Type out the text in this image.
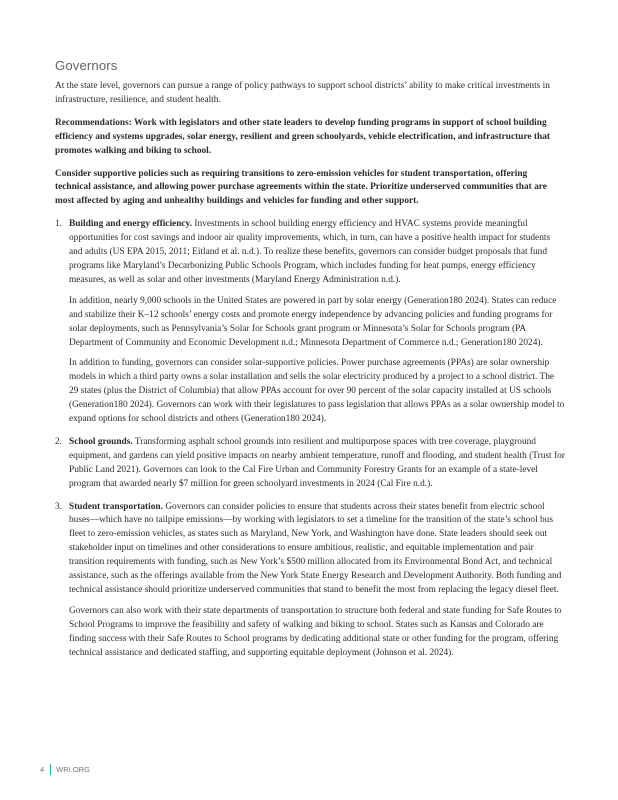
Governors

At the state level, governors can pursue a range of policy pathways to support school districts’ ability to make critical investments in infrastructure, resilience, and student health.

Recommendations: Work with legislators and other state leaders to develop funding programs in support of school building efficiency and systems upgrades, solar energy, resilient and green schoolyards, vehicle electrification, and infrastructure that promotes walking and biking to school.

Consider supportive policies such as requiring transitions to zero-emission vehicles for student transportation, offering technical assistance, and allowing power purchase agreements within the state. Prioritize underserved communities that are most affected by aging and unhealthy buildings and vehicles for funding and other support.

1. Building and energy efficiency. Investments in school building energy efficiency and HVAC systems provide meaningful opportunities for cost savings and indoor air quality improvements, which, in turn, can have a positive health impact for students and adults (US EPA 2015, 2011; Eitland et al. n.d.). To realize these benefits, governors can consider budget proposals that fund programs like Maryland’s Decarbonizing Public Schools Program, which includes funding for heat pumps, energy efficiency measures, as well as solar and other investments (Maryland Energy Administration n.d.).

In addition, nearly 9,000 schools in the United States are powered in part by solar energy (Generation180 2024). States can reduce and stabilize their K–12 schools’ energy costs and promote energy independence by advancing policies and funding programs for solar deployments, such as Pennsylvania’s Solar for Schools grant program or Minnesota’s Solar for Schools program (PA Department of Community and Economic Development n.d.; Minnesota Department of Commerce n.d.; Generation180 2024).

In addition to funding, governors can consider solar-supportive policies. Power purchase agreements (PPAs) are solar ownership models in which a third party owns a solar installation and sells the solar electricity produced by a project to a school district. The 29 states (plus the District of Columbia) that allow PPAs account for over 90 percent of the solar capacity installed at US schools (Generation180 2024). Governors can work with their legislatures to pass legislation that allows PPAs as a solar ownership model to expand options for school districts and others (Generation180 2024).

2. School grounds. Transforming asphalt school grounds into resilient and multipurpose spaces with tree coverage, playground equipment, and gardens can yield positive impacts on nearby ambient temperature, runoff and flooding, and student health (Trust for Public Land 2021). Governors can look to the Cal Fire Urban and Community Forestry Grants for an example of a state-level program that awarded nearly $7 million for green schoolyard investments in 2024 (Cal Fire n.d.).

3. Student transportation. Governors can consider policies to ensure that students across their states benefit from electric school buses—which have no tailpipe emissions—by working with legislators to set a timeline for the transition of the state’s school bus fleet to zero-emission vehicles, as states such as Maryland, New York, and Washington have done. State leaders should seek out stakeholder input on timelines and other considerations to ensure ambitious, realistic, and equitable implementation and pair transition requirements with funding, such as New York’s $500 million allocated from its Environmental Bond Act, and technical assistance, such as the offerings available from the New York State Energy Research and Development Authority. Both funding and technical assistance should prioritize underserved communities that stand to benefit the most from replacing the legacy diesel fleet.

Governors can also work with their state departments of transportation to structure both federal and state funding for Safe Routes to School Programs to improve the feasibility and safety of walking and biking to school. States such as Kansas and Colorado are finding success with their Safe Routes to School programs by dedicating additional state or other funding for the program, offering technical assistance and dedicated staffing, and supporting equitable deployment (Johnson et al. 2024).

4 WRI.ORG
